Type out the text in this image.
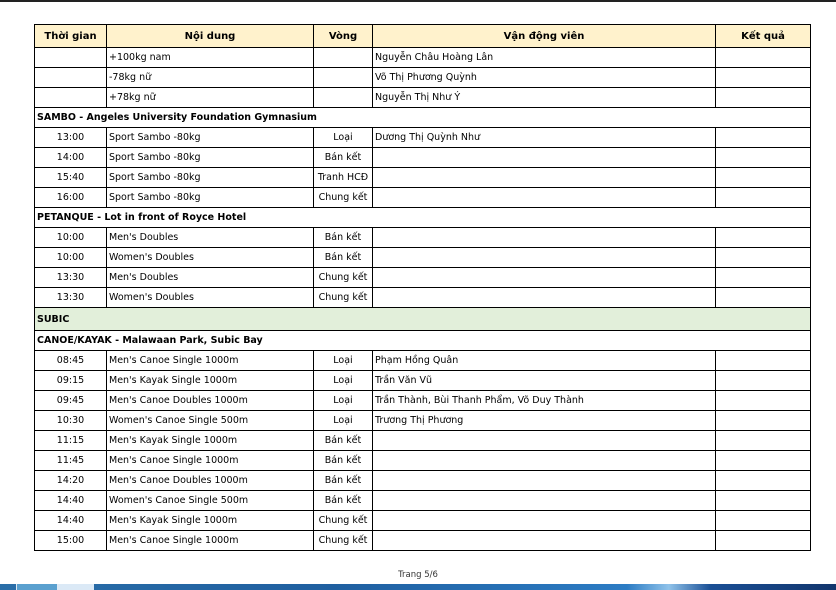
Thời gian	Nội dung	Vòng	Vận động viên	Kết quả
	+100kg nam		Nguyễn Châu Hoàng Lân	
	-78kg nữ		Võ Thị Phương Quỳnh	
	+78kg nữ		Nguyễn Thị Như Ý	
SAMBO - Angeles University Foundation Gymnasium				
13:00	Sport Sambo -80kg	Loại	Dương Thị Quỳnh Như	
14:00	Sport Sambo -80kg	Bán kết		
15:40	Sport Sambo -80kg	Tranh HCĐ		
16:00	Sport Sambo -80kg	Chung kết		
PETANQUE - Lot in front of Royce Hotel				
10:00	Men's Doubles	Bán kết		
10:00	Women's Doubles	Bán kết		
13:30	Men's Doubles	Chung kết		
13:30	Women's Doubles	Chung kết		
SUBIC				
CANOE/KAYAK - Malawaan Park, Subic Bay				
08:45	Men's Canoe Single 1000m	Loại	Phạm Hồng Quân	
09:15	Men's Kayak Single 1000m	Loại	Trần Văn Vũ	
09:45	Men's Canoe Doubles 1000m	Loại	Trần Thành, Bùi Thanh Phẩm, Võ Duy Thành	
10:30	Women's Canoe Single 500m	Loại	Trương Thị Phương	
11:15	Men's Kayak Single 1000m	Bán kết		
11:45	Men's Canoe Single 1000m	Bán kết		
14:20	Men's Canoe Doubles 1000m	Bán kết		
14:40	Women's Canoe Single 500m	Bán kết		
14:40	Men's Kayak Single 1000m	Chung kết		
15:00	Men's Canoe Single 1000m	Chung kết		
Trang 5/6
